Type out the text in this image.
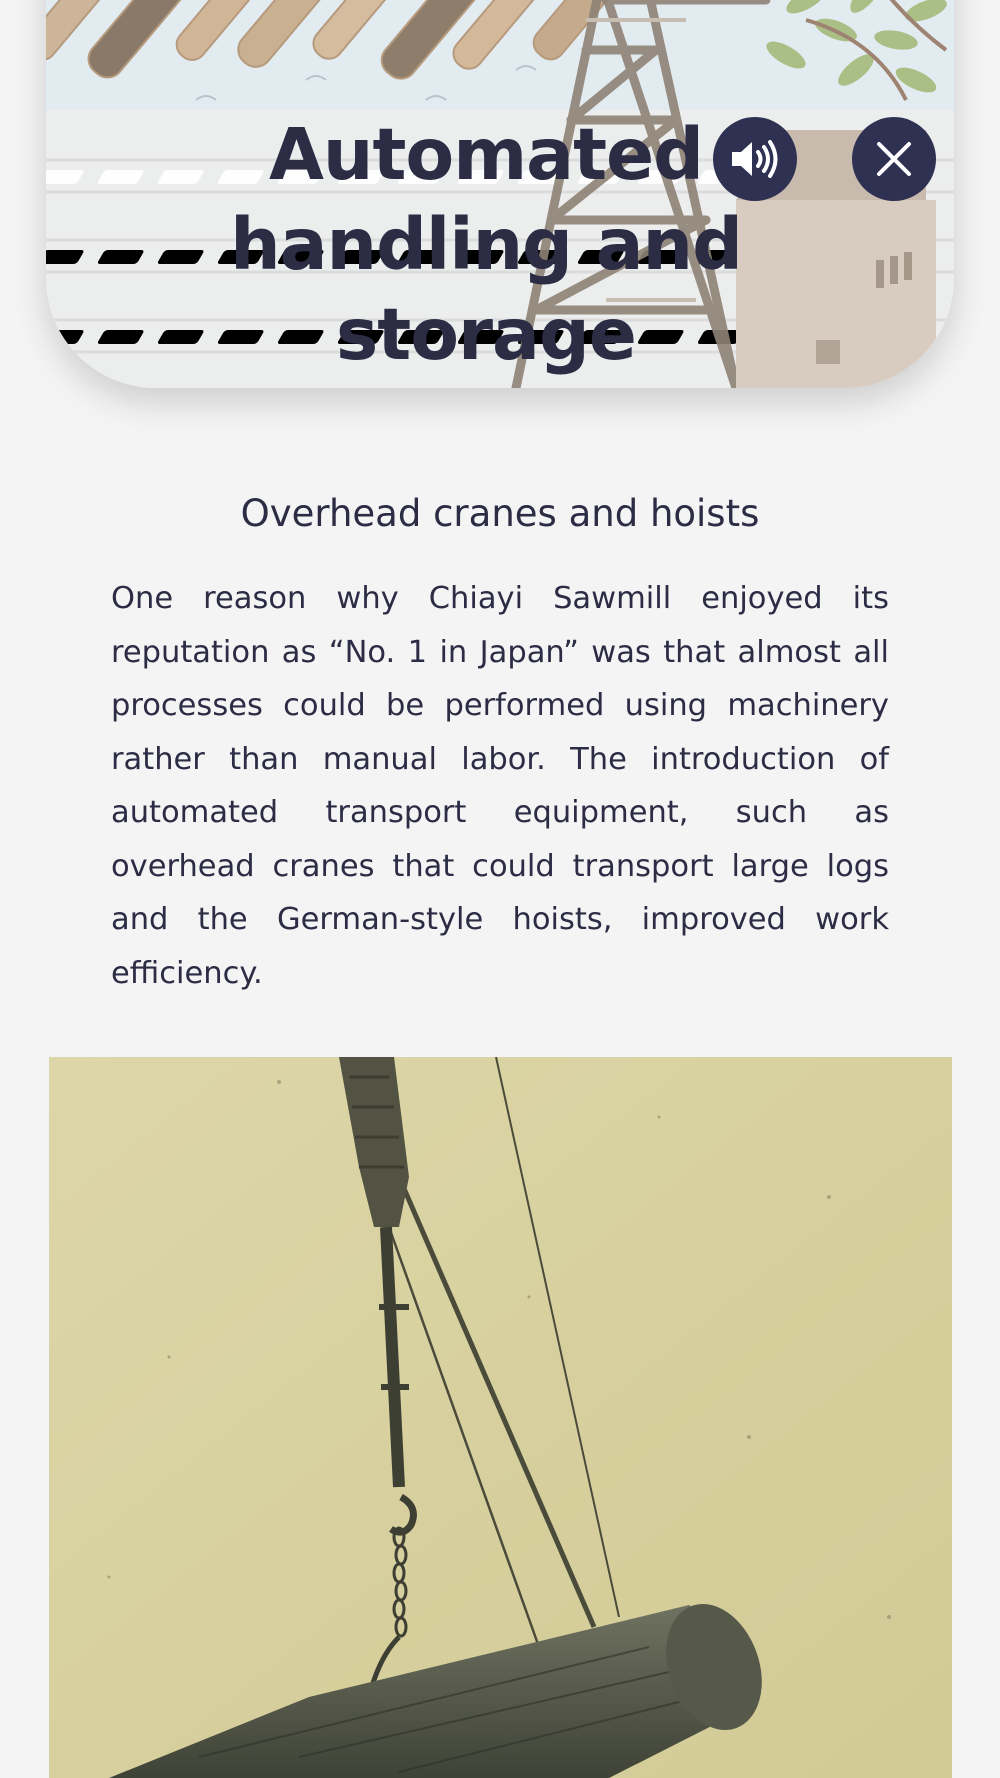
Automated handling and storage
Overhead cranes and hoists

One reason why Chiayi Sawmill enjoyed its reputation as “No. 1 in Japan” was that almost all processes could be performed using machinery rather than manual labor. The introduction of automated transport equipment, such as overhead cranes that could transport large logs and the German-style hoists, improved work efficiency.
